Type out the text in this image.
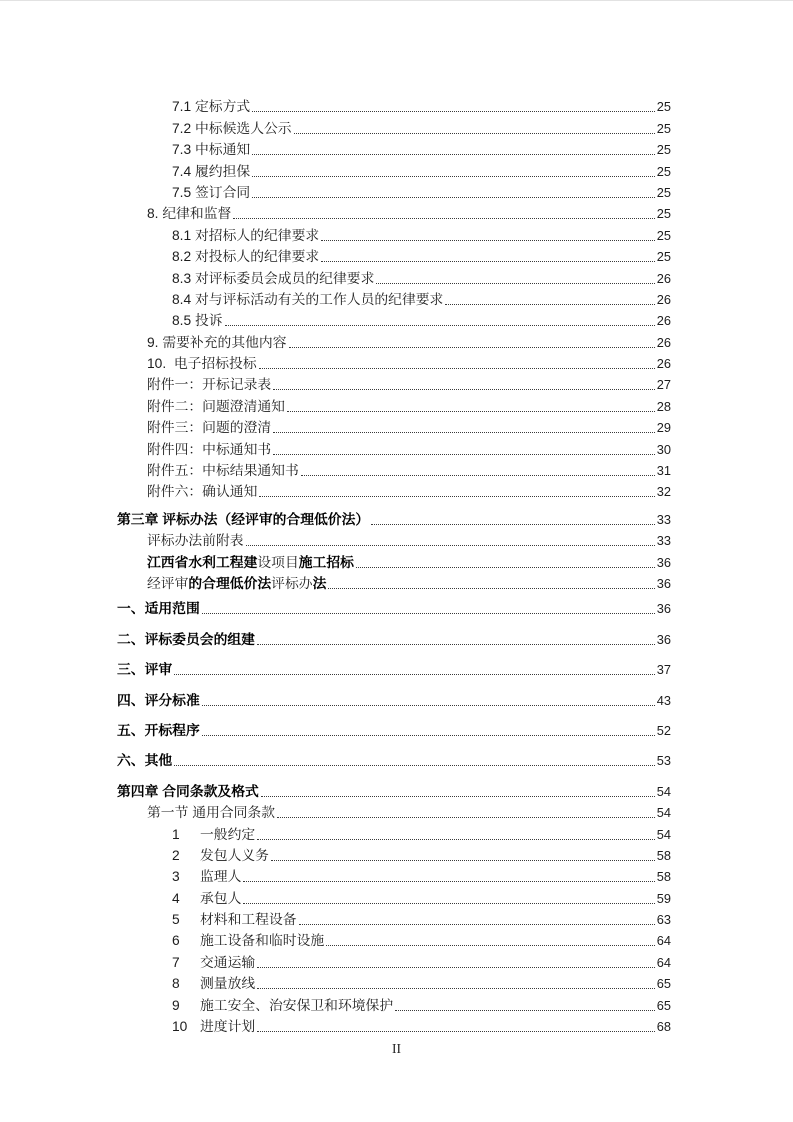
7.1 定标方式	25
7.2 中标候选人公示	25
7.3 中标通知	25
7.4 履约担保	25
7.5 签订合同	25
8. 纪律和监督	25
8.1 对招标人的纪律要求	25
8.2 对投标人的纪律要求	25
8.3 对评标委员会成员的纪律要求	26
8.4 对与评标活动有关的工作人员的纪律要求	26
8.5 投诉	26
9. 需要补充的其他内容	26
10.  电子招标投标	26
附件一：开标记录表	27
附件二：问题澄清通知	28
附件三：问题的澄清	29
附件四：中标通知书	30
附件五：中标结果通知书	31
附件六：确认通知	32
第三章 评标办法（经评审的合理低价法）	33
评标办法前附表	33
江西省水利工程建设项目施工招标	36
经评审的合理低价法评标办法	36
一、适用范围	36
二、评标委员会的组建	36
三、评审	37
四、评分标准	43
五、开标程序	52
六、其他	53
第四章 合同条款及格式	54
第一节 通用合同条款	54
1	一般约定	54
2	发包人义务	58
3	监理人	58
4	承包人	59
5	材料和工程设备	63
6	施工设备和临时设施	64
7	交通运输	64
8	测量放线	65
9	施工安全、治安保卫和环境保护	65
10 进度计划	68
II
